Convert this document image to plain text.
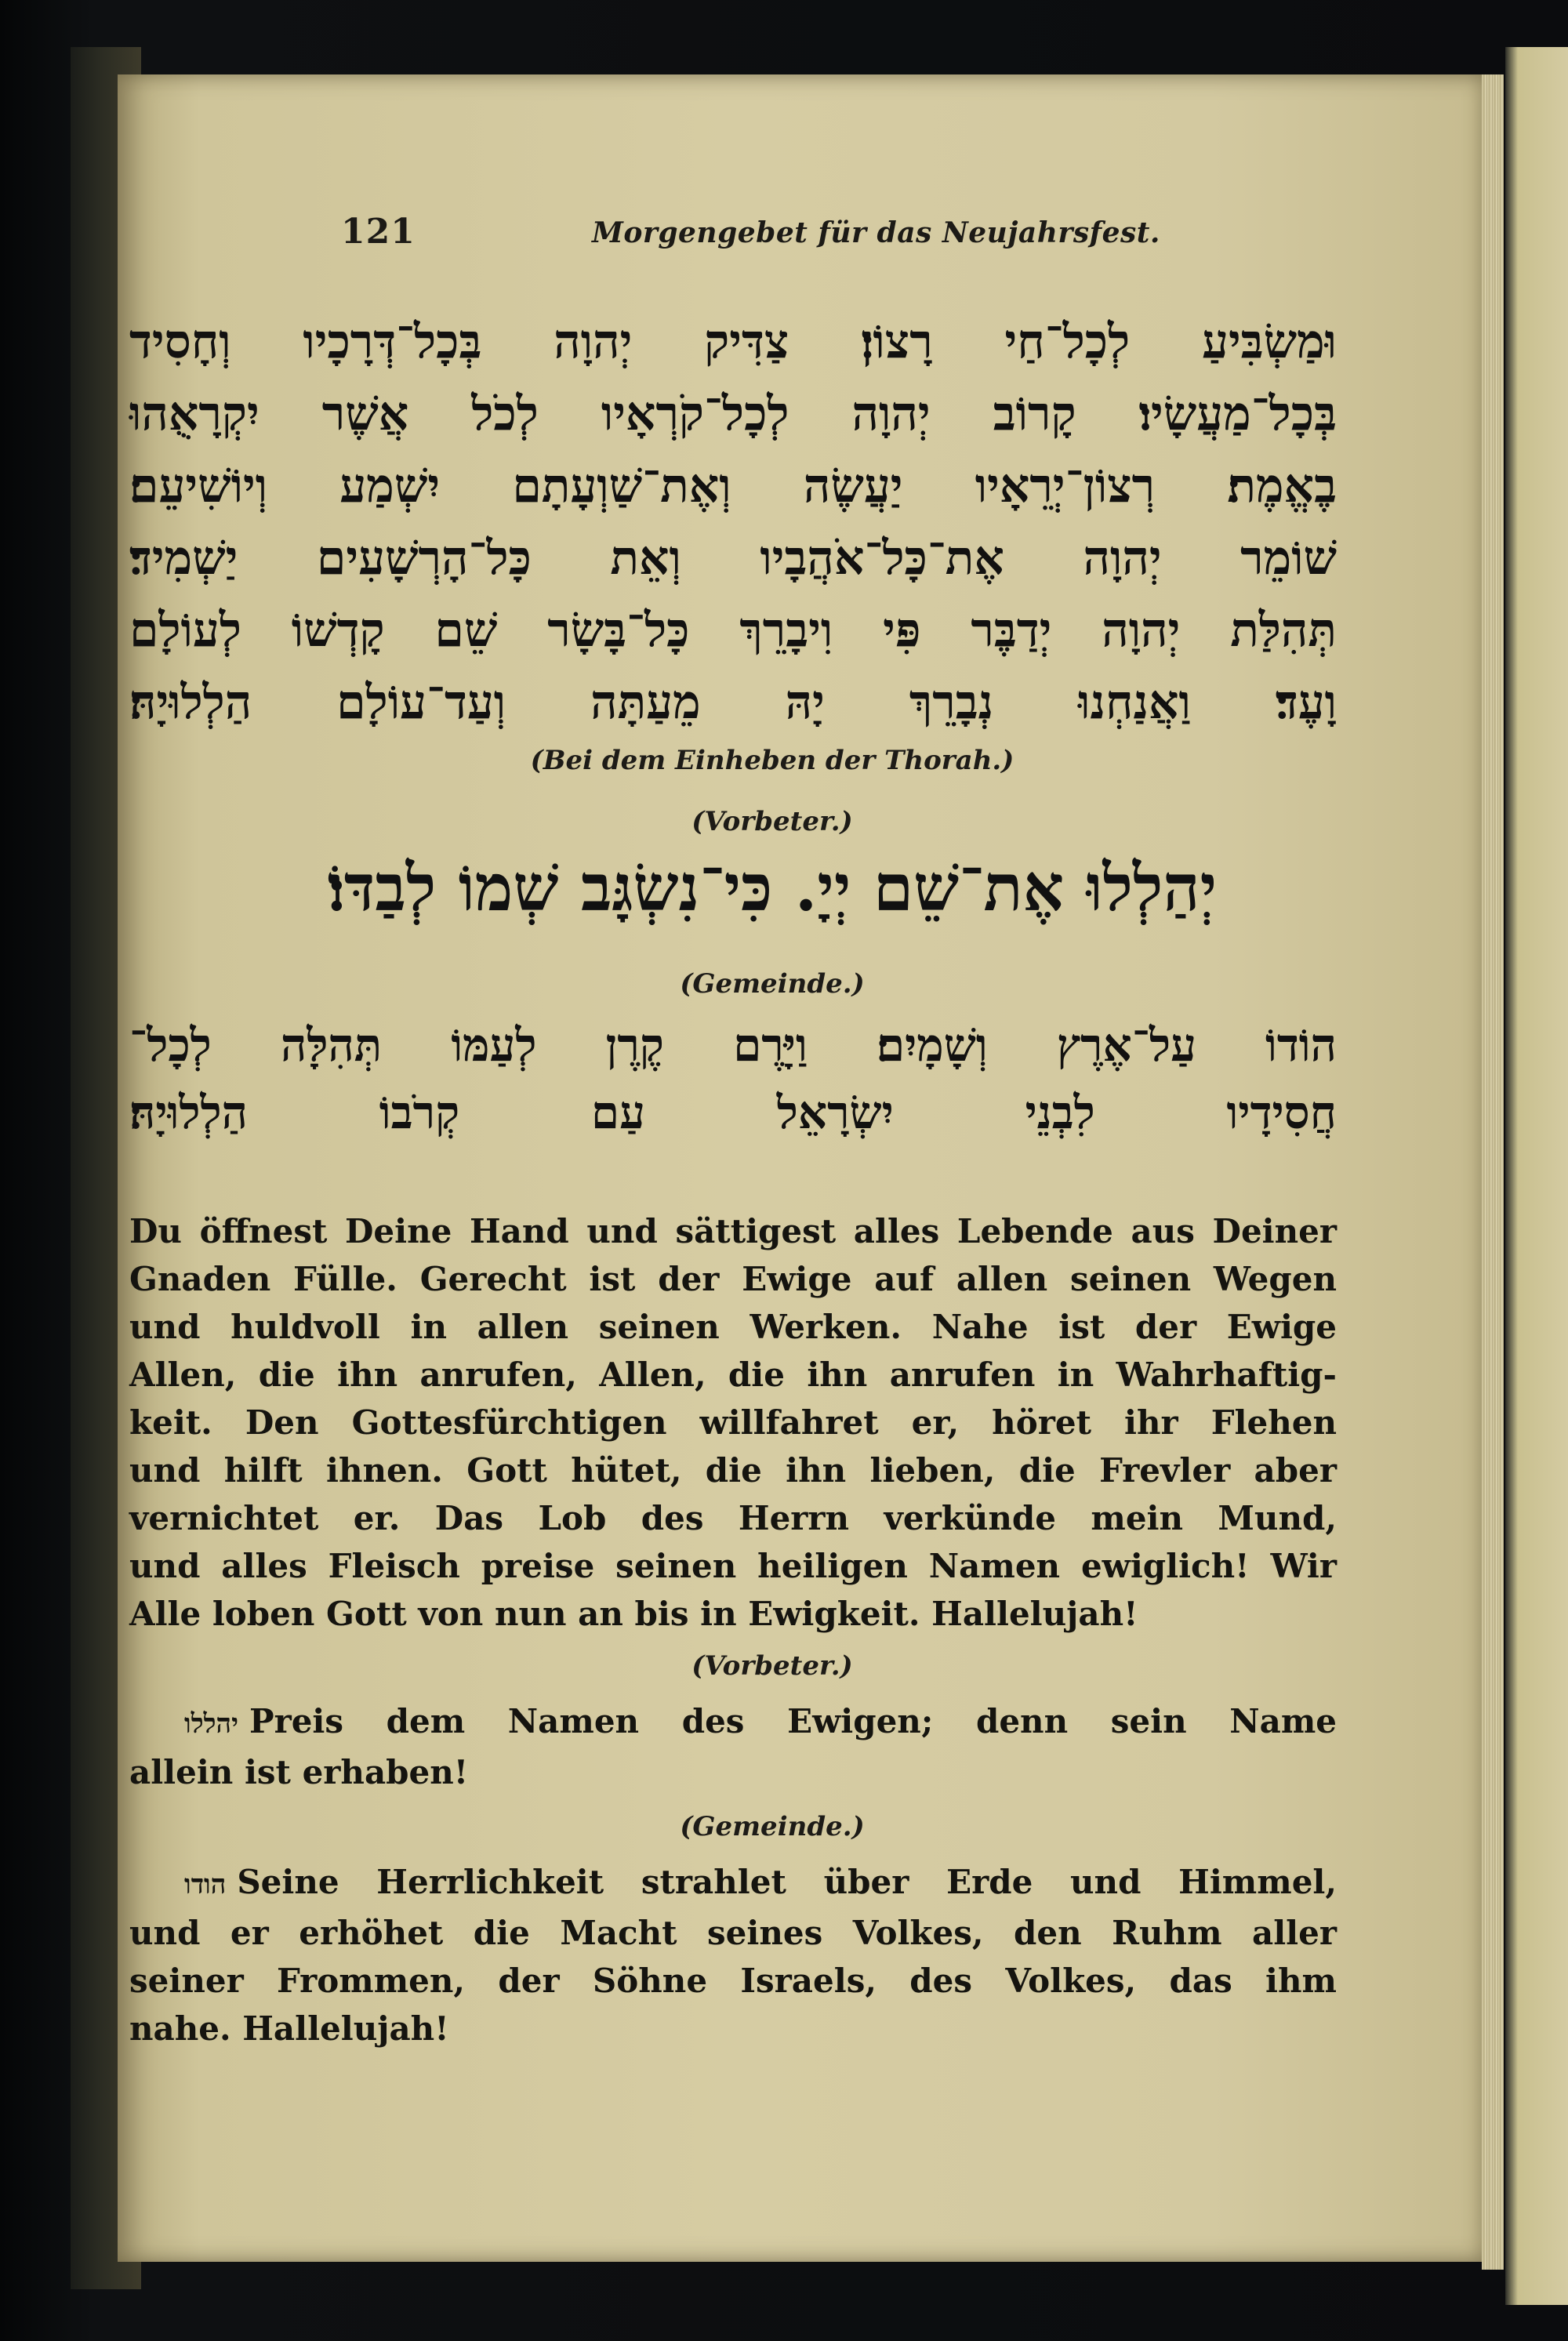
121	Morgengebet für das Neujahrsfest.
וּמַשְׂבִּיעַ לְכָל־חַי רָצוֹן׃ צַדִּיק יְהוָה בְּכָל־דְּרָכָיו וְחָסִיד
בְּכָל־מַעֲשָׂיו׃ קָרוֹב יְהוָה לְכָל־קֹרְאָיו לְכֹל אֲשֶׁר יִקְרָאֻהוּ
בֶאֱמֶת׃ רְצוֹן־יְרֵאָיו יַעֲשֶׂה וְאֶת־שַׁוְעָתָם יִשְׁמַע וְיוֹשִׁיעֵם׃
שׁוֹמֵר יְהוָה אֶת־כָּל־אֹהֲבָיו וְאֵת כָּל־הָרְשָׁעִים יַשְׁמִיד׃
תְּהִלַּת יְהוָה יְדַבֶּר פִּי וִיבָרֵךְ כָּל־בָּשָׂר שֵׁם קָדְשׁוֹ לְעוֹלָם
וָעֶד׃ וַאֲנַחְנוּ נְבָרֵךְ יָהּ מֵעַתָּה וְעַד־עוֹלָם הַלְלוּיָהּ׃
(Bei dem Einheben der Thorah.)
(Vorbeter.)
יְהַלְלוּ אֶת־שֵׁם יְיָ. כִּי־נִשְׂגָּב שְׁמוֹ לְבַדּוֹ׃
(Gemeinde.)
הוֹדוֹ עַל־אֶרֶץ וְשָׁמָיִם׃ וַיָּרֶם קֶרֶן לְעַמּוֹ תְּהִלָּה לְכָל־
חֲסִידָיו לִבְנֵי יִשְׂרָאֵל עַם קְרֹבוֹ הַלְלוּיָהּ׃
Du öffnest Deine Hand und sättigest alles Lebende aus Deiner
Gnaden Fülle. Gerecht ist der Ewige auf allen seinen Wegen
und huldvoll in allen seinen Werken. Nahe ist der Ewige
Allen, die ihn anrufen, Allen, die ihn anrufen in Wahrhaftig-
keit. Den Gottesfürchtigen willfahret er, höret ihr Flehen
und hilft ihnen. Gott hütet, die ihn lieben, die Frevler aber
vernichtet er. Das Lob des Herrn verkünde mein Mund,
und alles Fleisch preise seinen heiligen Namen ewiglich! Wir
Alle loben Gott von nun an bis in Ewigkeit. Hallelujah!
(Vorbeter.)
יהללו Preis dem Namen des Ewigen; denn sein Name
allein ist erhaben!
(Gemeinde.)
הודו Seine Herrlichkeit strahlet über Erde und Himmel,
und er erhöhet die Macht seines Volkes, den Ruhm aller
seiner Frommen, der Söhne Israels, des Volkes, das ihm
nahe. Hallelujah!
